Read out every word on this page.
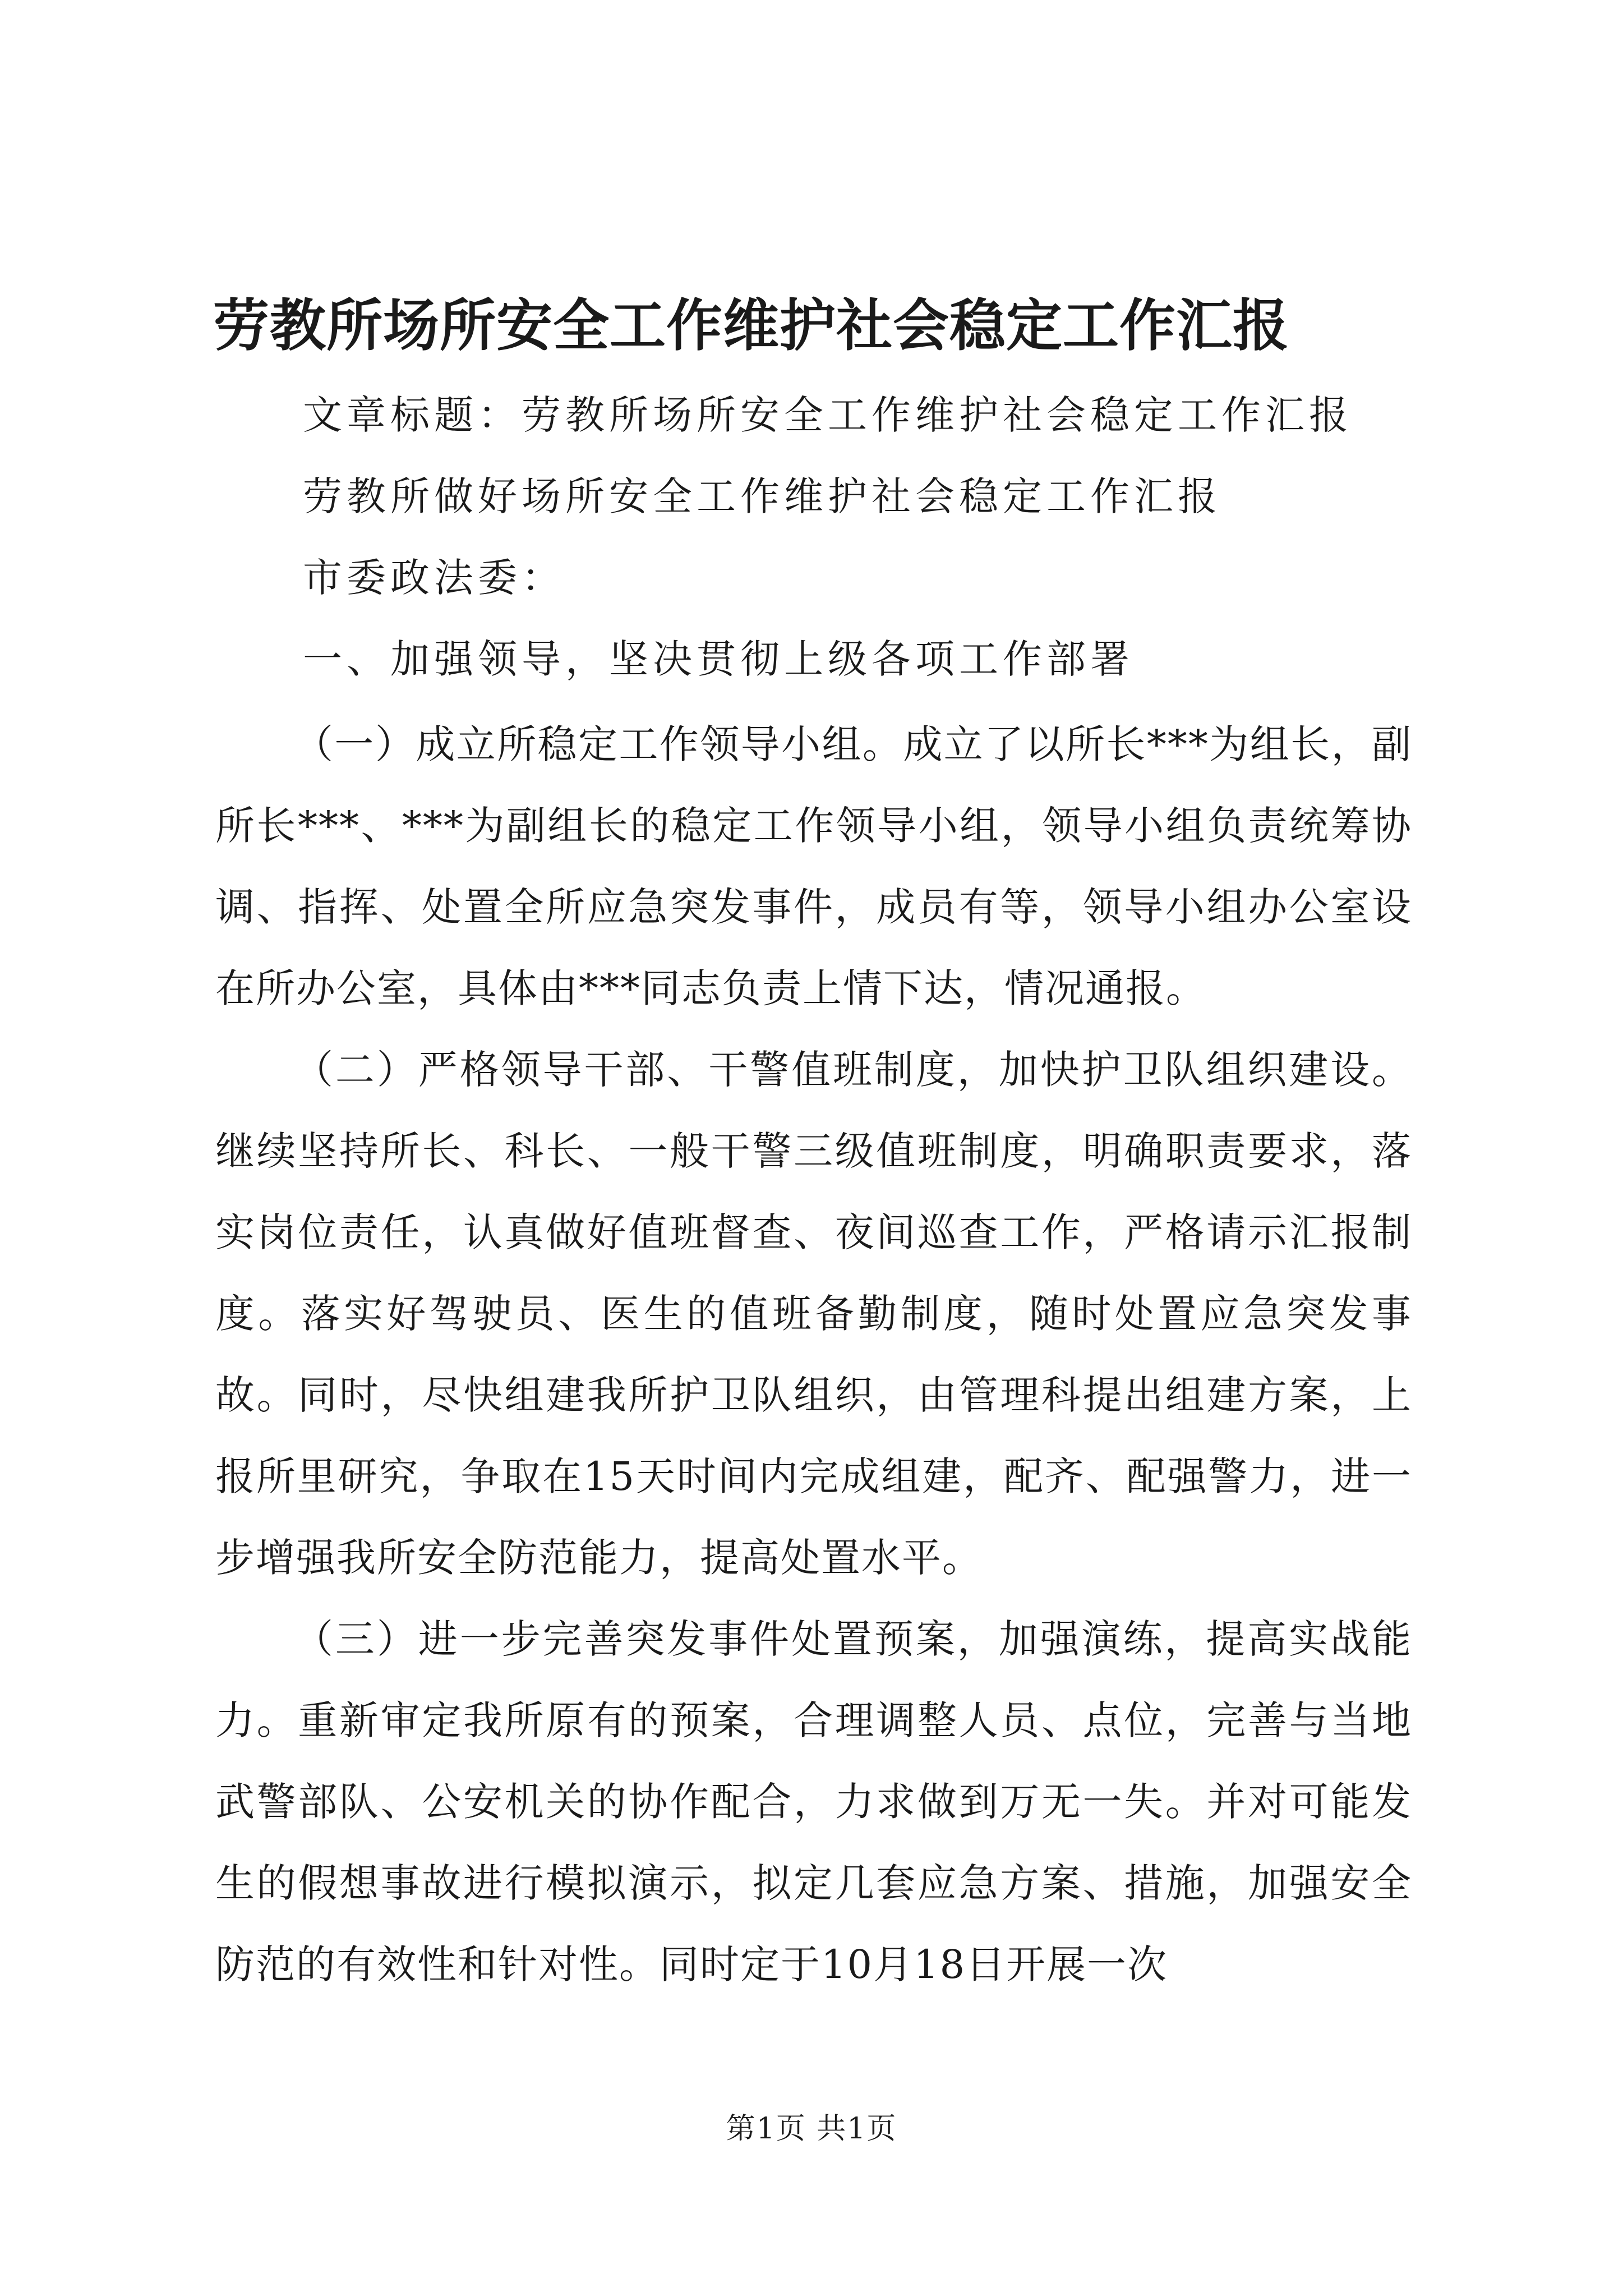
劳教所场所安全工作维护社会稳定工作汇报

文章标题：劳教所场所安全工作维护社会稳定工作汇报

劳教所做好场所安全工作维护社会稳定工作汇报

市委政法委：

一、加强领导，坚决贯彻上级各项工作部署

（一）成立所稳定工作领导小组。成立了以所长***为组长，副所长***、***为副组长的稳定工作领导小组，领导小组负责统筹协调、指挥、处置全所应急突发事件，成员有等，领导小组办公室设在所办公室，具体由***同志负责上情下达，情况通报。

（二）严格领导干部、干警值班制度，加快护卫队组织建设。继续坚持所长、科长、一般干警三级值班制度，明确职责要求，落实岗位责任，认真做好值班督查、夜间巡查工作，严格请示汇报制度。落实好驾驶员、医生的值班备勤制度，随时处置应急突发事故。同时，尽快组建我所护卫队组织，由管理科提出组建方案，上报所里研究，争取在15天时间内完成组建，配齐、配强警力，进一步增强我所安全防范能力，提高处置水平。

（三）进一步完善突发事件处置预案，加强演练，提高实战能力。重新审定我所原有的预案，合理调整人员、点位，完善与当地武警部队、公安机关的协作配合，力求做到万无一失。并对可能发生的假想事故进行模拟演示，拟定几套应急方案、措施，加强安全防范的有效性和针对性。同时定于10月18日开展一次

第1页 共1页
